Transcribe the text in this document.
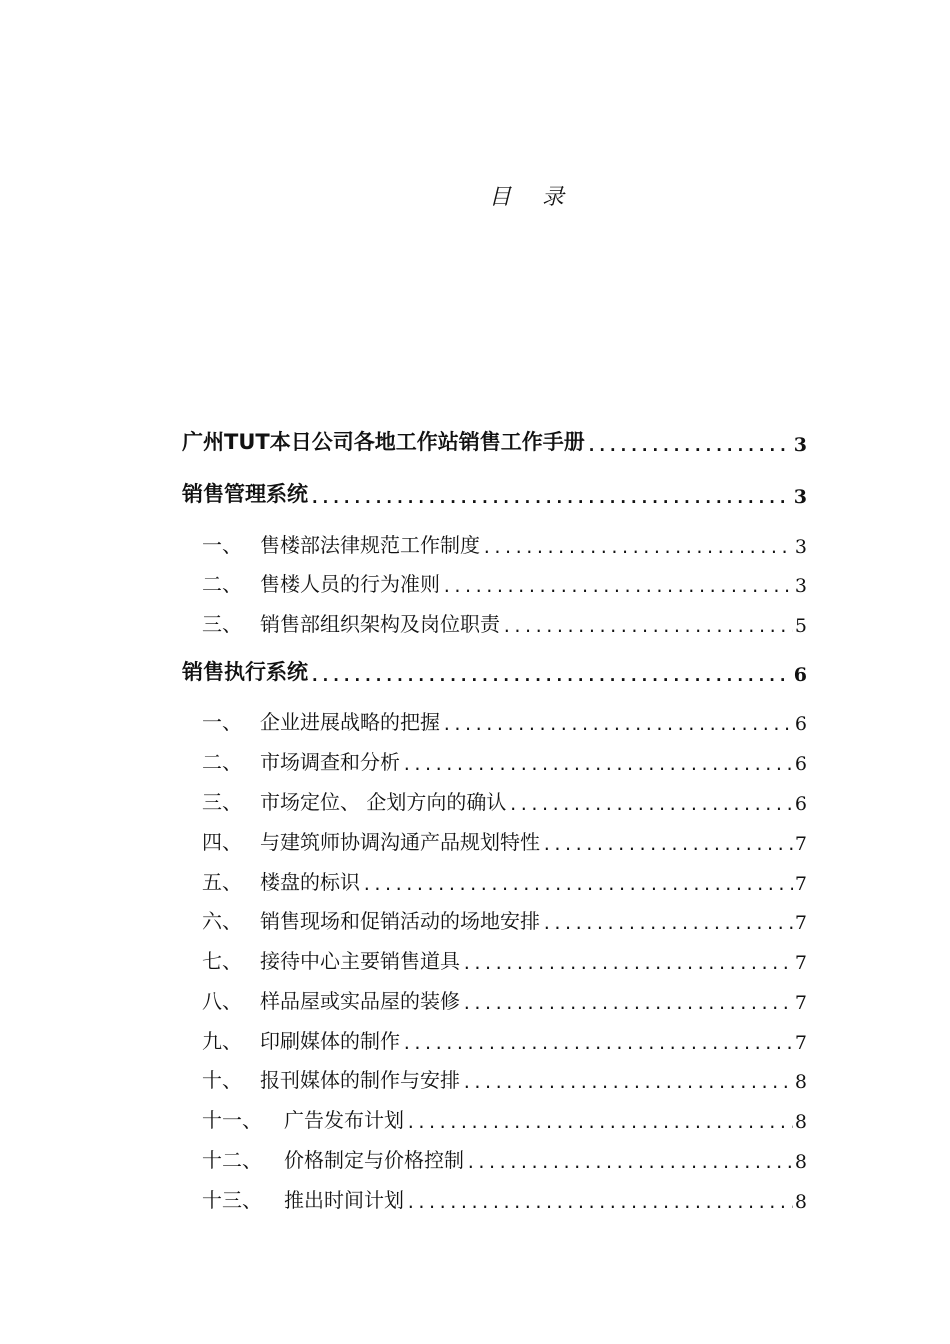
目 录
广州TUT本日公司各地工作站销售工作手册 .....	3
销售管理系统 .....	3
一、 售楼部法律规范工作制度 .....	3
二、 售楼人员的行为准则 .....	3
三、 销售部组织架构及岗位职责 .....	5
销售执行系统 .....	6
一、 企业进展战略的把握 .....	6
二、 市场调查和分析 .....	6
三、 市场定位、 企划方向的确认 .....	6
四、 与建筑师协调沟通产品规划特性 .....	7
五、 楼盘的标识 .....	7
六、 销售现场和促销活动的场地安排 .....	7
七、 接待中心主要销售道具 .....	7
八、 样品屋或实品屋的装修 .....	7
九、 印刷媒体的制作 .....	7
十、 报刊媒体的制作与安排 .....	8
十一、	广告发布计划 .....	8
十二、	价格制定与价格控制 .....	8
十三、	推出时间计划 .....	8
